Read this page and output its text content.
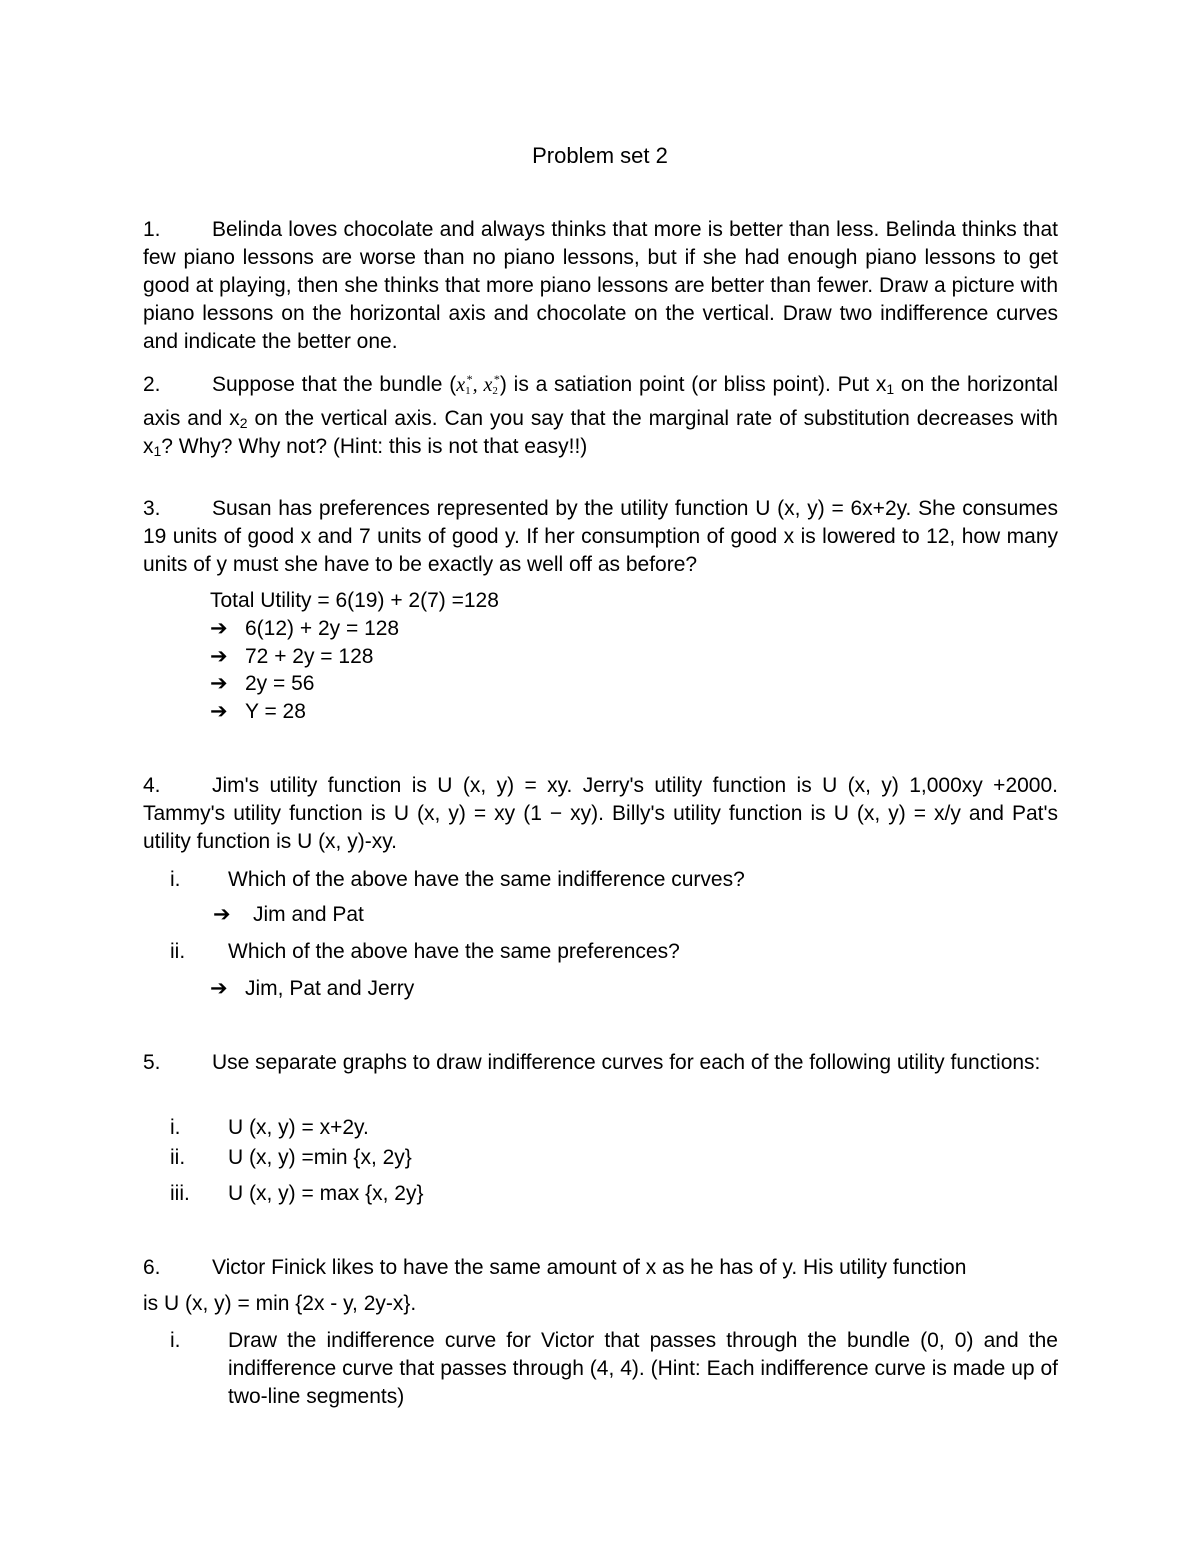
Problem set 2
1. Belinda loves chocolate and always thinks that more is better than less. Belinda thinks that few piano lessons are worse than no piano lessons, but if she had enough piano lessons to get good at playing, then she thinks that more piano lessons are better than fewer. Draw a picture with piano lessons on the horizontal axis and chocolate on the vertical. Draw two indifference curves and indicate the better one.
2. Suppose that the bundle ($x_1^*$, $x_2^*$) is a satiation point (or bliss point). Put $x_1$ on the horizontal axis and $x_2$ on the vertical axis. Can you say that the marginal rate of substitution decreases with $x_1$? Why? Why not? (Hint: this is not that easy!!)
3. Susan has preferences represented by the utility function U (x, y) = 6x+2y. She consumes 19 units of good x and 7 units of good y. If her consumption of good x is lowered to 12, how many units of y must she have to be exactly as well off as before?
Total Utility = 6(19) + 2(7) =128
➔ 6(12) + 2y = 128
➔ 72 + 2y = 128
➔ 2y = 56
➔ Y = 28
4. Jim's utility function is U (x, y) = xy. Jerry's utility function is U (x, y) 1,000xy +2000. Tammy's utility function is U (x, y) = xy (1 − xy). Billy's utility function is U (x, y) = x/y and Pat's utility function is U (x, y)-xy.
i.	Which of the above have the same indifference curves?
➔ Jim and Pat
ii.	Which of the above have the same preferences?
➔ Jim, Pat and Jerry
5. Use separate graphs to draw indifference curves for each of the following utility functions:
i.	U (x, y) = x+2y.
ii.	U (x, y) =min {x, 2y}
iii.	U (x, y) = max {x, 2y}
6. Victor Finick likes to have the same amount of x as he has of y. His utility function
is U (x, y) = min {2x - y, 2y-x}.
i.	Draw the indifference curve for Victor that passes through the bundle (0, 0) and the indifference curve that passes through (4, 4). (Hint: Each indifference curve is made up of two-line segments)
